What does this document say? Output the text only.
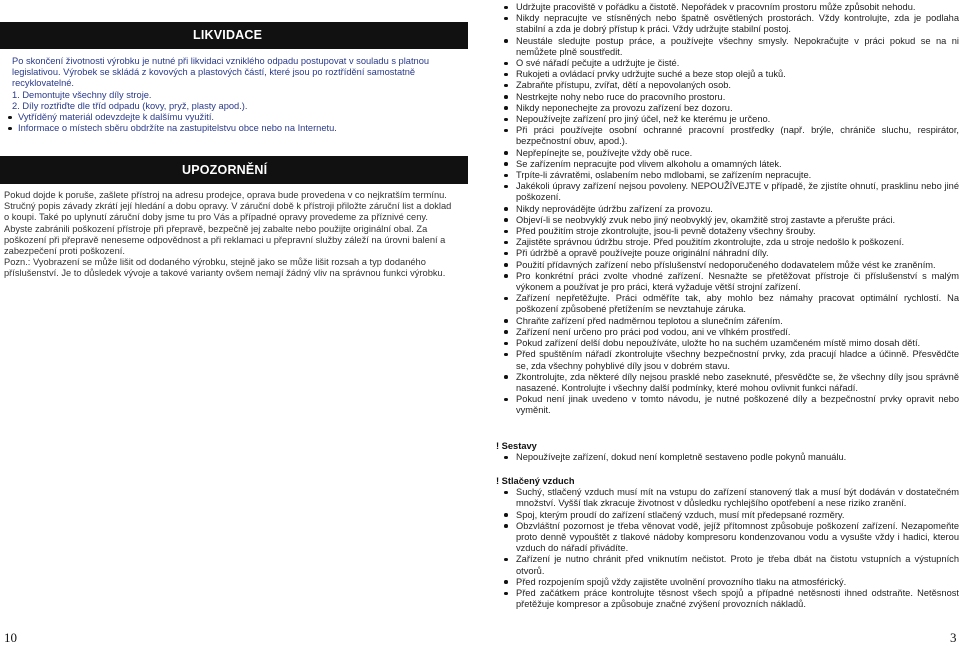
LIKVIDACE

Po skončení životnosti výrobku je nutné při likvidaci vzniklého odpadu postupovat v souladu s platnou legislativou. Výrobek se skládá z kovových a plastových částí, které jsou po roztřídění samostatně recyklovatelné.

1. Demontujte všechny díly stroje.

2. Díly roztřiďte dle tříd odpadu (kovy, pryž, plasty apod.).

Vytříděný materiál odevzdejte k dalšímu využití.

Informace o místech sběru obdržíte na zastupitelstvu obce nebo na Internetu.

UPOZORNĚNÍ

Pokud dojde k poruše, zašlete přístroj na adresu prodejce, oprava bude provedena v co nejkratším termínu. Stručný popis závady zkrátí její hledání a dobu opravy. V záruční době k přístroji přiložte záruční list a doklad o koupi. Také po uplynutí záruční doby jsme tu pro Vás a případné opravy provedeme za příznivé ceny.

Abyste zabránili poškození přístroje při přepravě, bezpečně jej zabalte nebo použijte originální obal. Za poškození při přepravě neneseme odpovědnost a při reklamaci u přepravní služby záleží na úrovni balení a zabezpečení proti poškození.

Pozn.: Vyobrazení se může lišit od dodaného výrobku, stejně jako se může lišit rozsah a typ dodaného příslušenství. Je to důsledek vývoje a takové varianty ovšem nemají žádný vliv na správnou funkci výrobku.

10
Udržujte pracoviště v pořádku a čistotě. Nepořádek v pracovním prostoru může způsobit nehodu.
Nikdy nepracujte ve stísněných nebo špatně osvětlených prostorách. Vždy kontrolujte, zda je podlaha stabilní a zda je dobrý přístup k práci. Vždy udržujte stabilní postoj.
Neustále sledujte postup práce, a používejte všechny smysly. Nepokračujte v práci pokud se na ni nemůžete plně soustředit.
O své nářadí pečujte a udržujte je čisté.
Rukojeti a ovládací prvky udržujte suché a beze stop olejů a tuků.
Zabraňte přístupu, zvířat, dětí a nepovolaných osob.
Nestrkejte nohy nebo ruce do pracovního prostoru.
Nikdy neponechejte za provozu zařízení bez dozoru.
Nepoužívejte zařízení pro jiný účel, než ke kterému je určeno.
Při práci používejte osobní ochranné pracovní prostředky (např. brýle, chrániče sluchu, respirátor, bezpečnostní obuv, apod.).
Nepřepínejte se, používejte vždy obě ruce.
Se zařízením nepracujte pod vlivem alkoholu a omamných látek.
Trpíte-li závratěmi, oslabením nebo mdlobami, se zařízením nepracujte.
Jakékoli úpravy zařízení nejsou povoleny. NEPOUŽÍVEJTE v případě, že zjistíte ohnutí, prasklinu nebo jiné poškození.
Nikdy neprovádějte údržbu zařízení za provozu.
Objeví-li se neobvyklý zvuk nebo jiný neobvyklý jev, okamžitě stroj zastavte a přerušte práci.
Před použitím stroje zkontrolujte, jsou-li pevně dotaženy všechny šrouby.
Zajistěte správnou údržbu stroje. Před použitím zkontrolujte, zda u stroje nedošlo k poškození.
Při údržbě a opravě používejte pouze originální náhradní díly.
Použití přídavných zařízení nebo příslušenství nedoporučeného dodavatelem může vést ke zraněním.
Pro konkrétní práci zvolte vhodné zařízení. Nesnažte se přetěžovat přístroje či příslušenství s malým výkonem a používat je pro práci, která vyžaduje větší strojní zařízení.
Zařízení nepřetěžujte. Práci odměříte tak, aby mohlo bez námahy pracovat optimální rychlostí. Na poškození způsobené přetížením se nevztahuje záruka.
Chraňte zařízení před nadměrnou teplotou a slunečním zářením.
Zařízení není určeno pro práci pod vodou, ani ve vlhkém prostředí.
Pokud zařízení delší dobu nepoužíváte, uložte ho na suchém uzamčeném místě mimo dosah dětí.
Před spuštěním nářadí zkontrolujte všechny bezpečnostní prvky, zda pracují hladce a účinně. Přesvědčte se, zda všechny pohyblivé díly jsou v dobrém stavu.
Zkontrolujte, zda některé díly nejsou prasklé nebo zaseknuté, přesvědčte se, že všechny díly jsou správně nasazené. Kontrolujte i všechny další podmínky, které mohou ovlivnit funkci nářadí.
Pokud není jinak uvedeno v tomto návodu, je nutné poškozené díly a bezpečnostní prvky opravit nebo vyměnit.
! Sestavy
Nepoužívejte zařízení, dokud není kompletně sestaveno podle pokynů manuálu.
! Stlačený vzduch
Suchý, stlačený vzduch musí mít na vstupu do zařízení stanovený tlak a musí být dodáván v dostatečném množství. Vyšší tlak zkracuje životnost v důsledku rychlejšího opotřebení a nese riziko zranění.
Spoj, kterým proudí do zařízení stlačený vzduch, musí mít předepsané rozměry.
Obzvláštní pozornost je třeba věnovat vodě, jejíž přítomnost způsobuje poškození zařízení. Nezapomeňte proto denně vypouštět z tlakové nádoby kompresoru kondenzovanou vodu a vysušte vždy i hadici, kterou vzduch do nářadí přivádíte.
Zařízení je nutno chránit před vniknutím nečistot. Proto je třeba dbát na čistotu vstupních a výstupních otvorů.
Před rozpojením spojů vždy zajistěte uvolnění provozního tlaku na atmosférický.
Před začátkem práce kontrolujte těsnost všech spojů a případné netěsnosti ihned odstraňte. Netěsnost přetěžuje kompresor a způsobuje značné zvýšení provozních nákladů.
3
